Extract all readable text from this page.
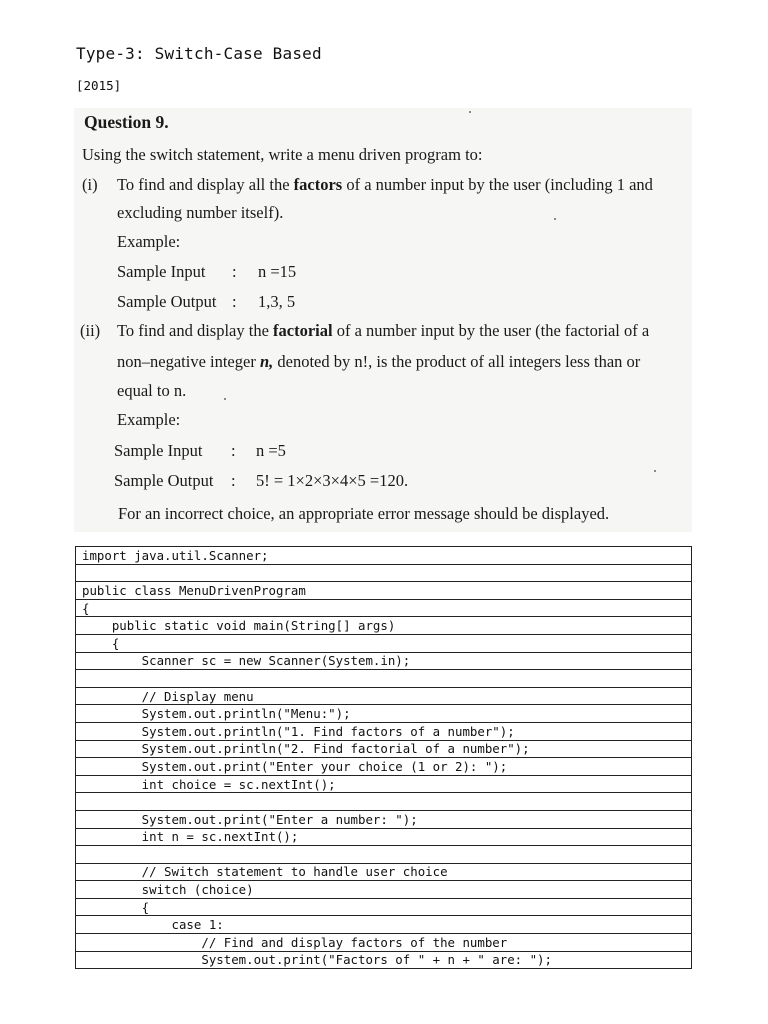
Type-3: Switch-Case Based
[2015]
Question 9.
Using the switch statement, write a menu driven program to:
(i) To find and display all the factors of a number input by the user (including 1 and
excluding number itself).
Example:
Sample Input : n =15
Sample Output : 1,3, 5
(ii) To find and display the factorial of a number input by the user (the factorial of a
non–negative integer n, denoted by n!, is the product of all integers less than or
equal to n.
Example:
Sample Input : n =5
Sample Output : 5! = 1×2×3×4×5 =120.
For an incorrect choice, an appropriate error message should be displayed.
import java.util.Scanner;

public class MenuDrivenProgram
{
public static void main(String[] args)
{
Scanner sc = new Scanner(System.in);

// Display menu
System.out.println("Menu:");
System.out.println("1. Find factors of a number");
System.out.println("2. Find factorial of a number");
System.out.print("Enter your choice (1 or 2): ");
int choice = sc.nextInt();

System.out.print("Enter a number: ");
int n = sc.nextInt();

// Switch statement to handle user choice
switch (choice)
{
case 1:
// Find and display factors of the number
System.out.print("Factors of " + n + " are: ");
